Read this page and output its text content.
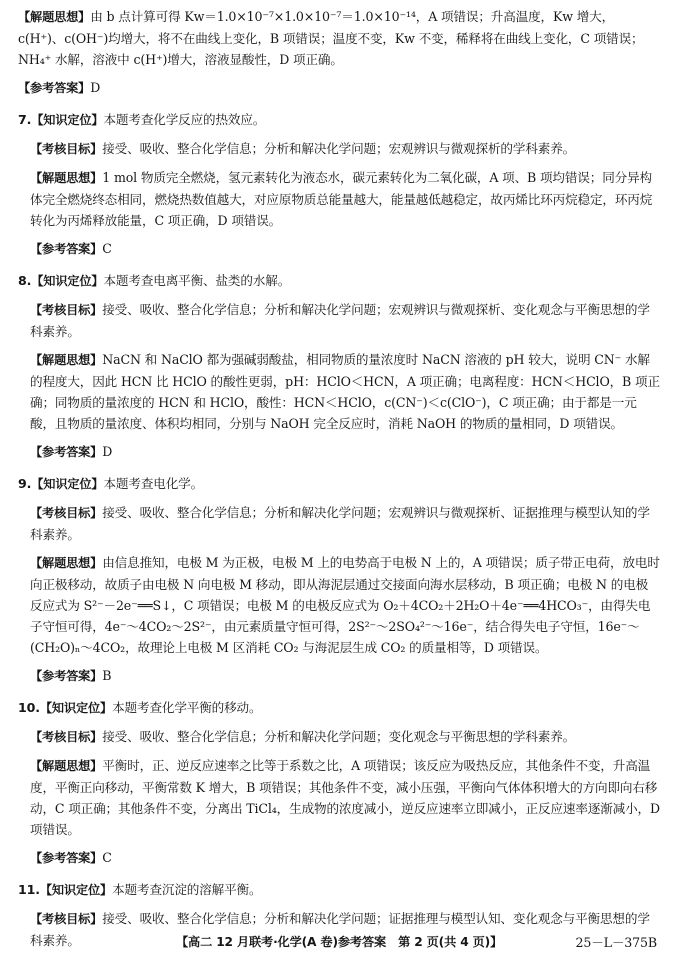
【解题思想】由 b 点计算可得 Kw＝1.0×10⁻⁷×1.0×10⁻⁷＝1.0×10⁻¹⁴，A 项错误；升高温度，Kw 增大，c(H⁺)、c(OH⁻)均增大，将不在曲线上变化，B 项错误；温度不变，Kw 不变，稀释将在曲线上变化，C 项错误；NH₄⁺ 水解，溶液中 c(H⁺)增大，溶液显酸性，D 项正确。
【参考答案】D
7.【知识定位】本题考查化学反应的热效应。
【考核目标】接受、吸收、整合化学信息；分析和解决化学问题；宏观辨识与微观探析的学科素养。
【解题思想】1 mol 物质完全燃烧，氢元素转化为液态水，碳元素转化为二氧化碳，A 项、B 项均错误；同分异构体完全燃烧终态相同，燃烧热数值越大，对应原物质总能量越大，能量越低越稳定，故丙烯比环丙烷稳定，环丙烷转化为丙烯释放能量，C 项正确，D 项错误。
【参考答案】C
8.【知识定位】本题考查电离平衡、盐类的水解。
【考核目标】接受、吸收、整合化学信息；分析和解决化学问题；宏观辨识与微观探析、变化观念与平衡思想的学科素养。
【解题思想】NaCN 和 NaClO 都为强碱弱酸盐，相同物质的量浓度时 NaCN 溶液的 pH 较大，说明 CN⁻ 水解的程度大，因此 HCN 比 HClO 的酸性更弱，pH：HClO＜HCN，A 项正确；电离程度：HCN＜HClO，B 项正确；同物质的量浓度的 HCN 和 HClO，酸性：HCN＜HClO，c(CN⁻)＜c(ClO⁻)，C 项正确；由于都是一元酸，且物质的量浓度、体积均相同，分别与 NaOH 完全反应时，消耗 NaOH 的物质的量相同，D 项错误。
【参考答案】D
9.【知识定位】本题考查电化学。
【考核目标】接受、吸收、整合化学信息；分析和解决化学问题；宏观辨识与微观探析、证据推理与模型认知的学科素养。
【解题思想】由信息推知，电极 M 为正极，电极 M 上的电势高于电极 N 上的，A 项错误；质子带正电荷，放电时向正极移动，故质子由电极 N 向电极 M 移动，即从海泥层通过交接面向海水层移动，B 项正确；电极 N 的电极反应式为 S²⁻－2e⁻══S↓，C 项错误；电极 M 的电极反应式为 O₂＋4CO₂＋2H₂O＋4e⁻══4HCO₃⁻，由得失电子守恒可得，4e⁻～4CO₂～2S²⁻，由元素质量守恒可得，2S²⁻～2SO₄²⁻～16e⁻，结合得失电子守恒，16e⁻～(CH₂O)ₙ～4CO₂，故理论上电极 M 区消耗 CO₂ 与海泥层生成 CO₂ 的质量相等，D 项错误。
【参考答案】B
10.【知识定位】本题考查化学平衡的移动。
【考核目标】接受、吸收、整合化学信息；分析和解决化学问题；变化观念与平衡思想的学科素养。
【解题思想】平衡时，正、逆反应速率之比等于系数之比，A 项错误；该反应为吸热反应，其他条件不变，升高温度，平衡正向移动，平衡常数 K 增大，B 项错误；其他条件不变，减小压强，平衡向气体体积增大的方向即向右移动，C 项正确；其他条件不变，分离出 TiCl₄，生成物的浓度减小，逆反应速率立即减小，正反应速率逐渐减小，D 项错误。
【参考答案】C
11.【知识定位】本题考查沉淀的溶解平衡。
【考核目标】接受、吸收、整合化学信息；分析和解决化学问题；证据推理与模型认知、变化观念与平衡思想的学科素养。	【高二 12 月联考·化学(A 卷)参考答案　第 2 页(共 4 页)】	25－L－375B
